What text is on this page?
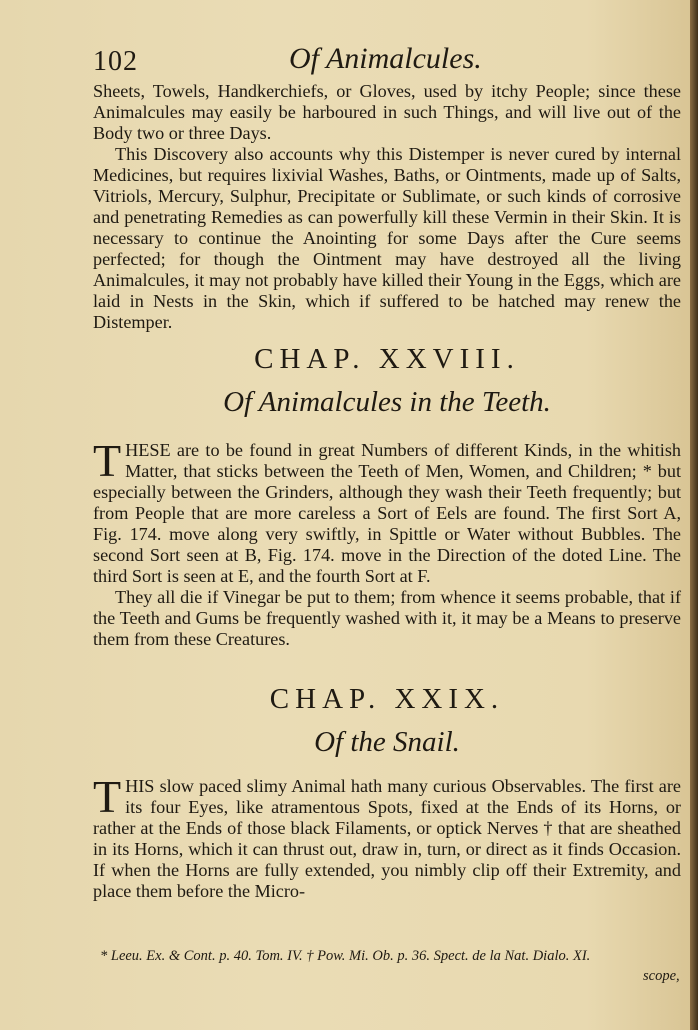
102	Of Animalcules.

Sheets, Towels, Handkerchiefs, or Gloves, used by itchy People; since these Animalcules may easily be harboured in such Things, and will live out of the Body two or three Days.

This Discovery also accounts why this Distemper is never cured by internal Medicines, but requires lixivial Washes, Baths, or Ointments, made up of Salts, Vitriols, Mercury, Sulphur, Precipitate or Sublimate, or such kinds of corrosive and penetrating Remedies as can powerfully kill these Vermin in their Skin. It is necessary to continue the Anointing for some Days after the Cure seems perfected; for though the Ointment may have destroyed all the living Animalcules, it may not probably have killed their Young in the Eggs, which are laid in Nests in the Skin, which if suffered to be hatched may renew the Distemper.

CHAP. XXVIII.
Of Animalcules in the Teeth.

THESE are to be found in great Numbers of different Kinds, in the whitish Matter, that sticks between the Teeth of Men, Women, and Children; * but especially between the Grinders, although they wash their Teeth frequently; but from People that are more careless a Sort of Eels are found. The first Sort A, Fig. 174. move along very swiftly, in Spittle or Water without Bubbles. The second Sort seen at B, Fig. 174. move in the Direction of the doted Line. The third Sort is seen at E, and the fourth Sort at F.

They all die if Vinegar be put to them; from whence it seems probable, that if the Teeth and Gums be frequently washed with it, it may be a Means to preserve them from these Creatures.

CHAP. XXIX.
Of the Snail.

THIS slow paced slimy Animal hath many curious Observables. The first are its four Eyes, like atramentous Spots, fixed at the Ends of its Horns, or rather at the Ends of those black Filaments, or optick Nerves † that are sheathed in its Horns, which it can thrust out, draw in, turn, or direct as it finds Occasion. If when the Horns are fully extended, you nimbly clip off their Extremity, and place them before the Micro-

* Leeu. Ex. & Cont. p. 40. Tom. IV. † Pow. Mi. Ob. p. 36. Spect. de la Nat. Dialo. XI.
scope,
